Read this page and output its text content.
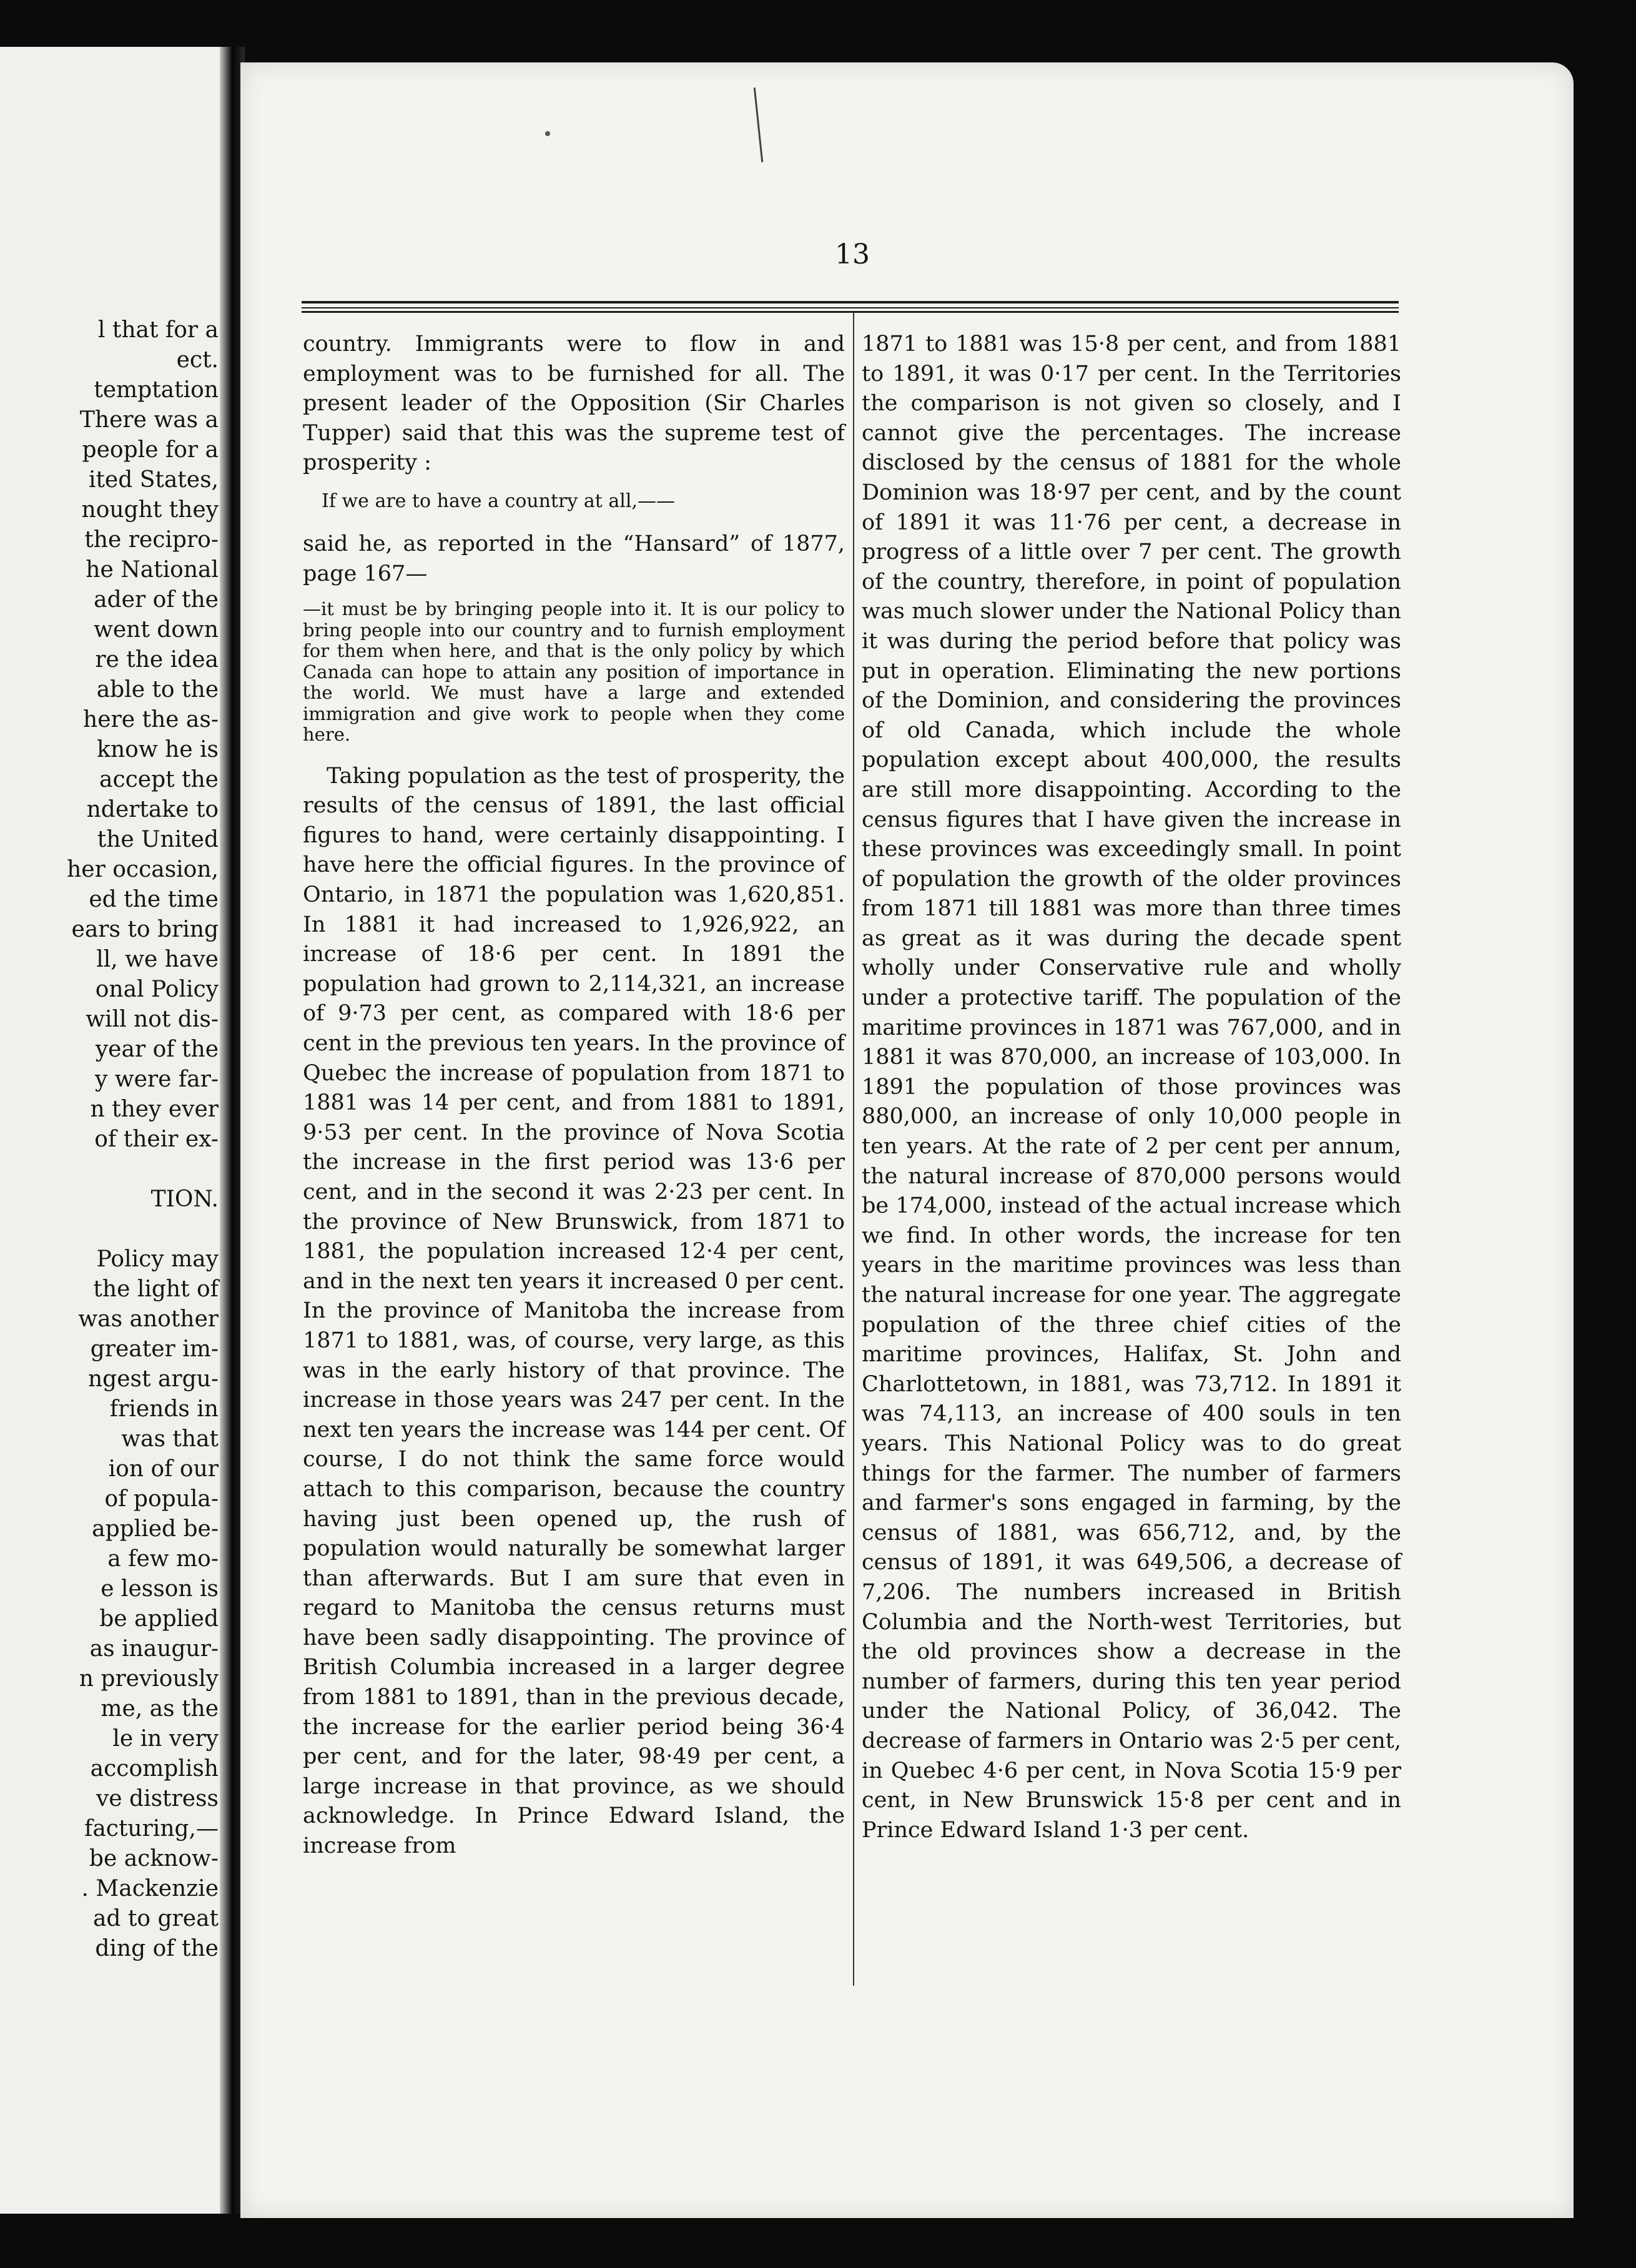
l that for a
ect.
temptation
There was a
people for a
ited States,
nought they
the recipro-
he National
ader of the
went down
re the idea
able to the
here the as-
know he is
accept the
ndertake to
the United
her occasion,
ed the time
ears to bring
ll, we have
onal Policy
will not dis-
year of the
y were far-
n they ever
of their ex-
TION.
Policy may
the light of
was another
greater im-
ngest argu-
friends in
was that
ion of our
of popula-
applied be-
a few mo-
e lesson is
be applied
as inaugur-
n previously
me, as the
le in very
accomplish
ve distress
facturing,—
be acknow-
. Mackenzie
ad to great
ding of the
13

country. Immigrants were to flow in and employment was to be furnished for all. The present leader of the Opposition (Sir Charles Tupper) said that this was the supreme test of prosperity :

If we are to have a country at all,——

said he, as reported in the “Hansard” of 1877, page 167—

—it must be by bringing people into it. It is our policy to bring people into our country and to furnish employment for them when here, and that is the only policy by which Canada can hope to attain any position of importance in the world. We must have a large and extended immigration and give work to people when they come here.

Taking population as the test of prosperity, the results of the census of 1891, the last official figures to hand, were certainly disappointing. I have here the official figures. In the province of Ontario, in 1871 the population was 1,620,851. In 1881 it had increased to 1,926,922, an increase of 18·6 per cent. In 1891 the population had grown to 2,114,321, an increase of 9·73 per cent, as compared with 18·6 per cent in the previous ten years. In the province of Quebec the increase of population from 1871 to 1881 was 14 per cent, and from 1881 to 1891, 9·53 per cent. In the province of Nova Scotia the increase in the first period was 13·6 per cent, and in the second it was 2·23 per cent. In the province of New Brunswick, from 1871 to 1881, the population increased 12·4 per cent, and in the next ten years it increased 0 per cent. In the province of Manitoba the increase from 1871 to 1881, was, of course, very large, as this was in the early history of that province. The increase in those years was 247 per cent. In the next ten years the increase was 144 per cent. Of course, I do not think the same force would attach to this comparison, because the country having just been opened up, the rush of population would naturally be somewhat larger than afterwards. But I am sure that even in regard to Manitoba the census returns must have been sadly disappointing. The province of British Columbia increased in a larger degree from 1881 to 1891, than in the previous decade, the increase for the earlier period being 36·4 per cent, and for the later, 98·49 per cent, a large increase in that province, as we should acknowledge. In Prince Edward Island, the increase from

1871 to 1881 was 15·8 per cent, and from 1881 to 1891, it was 0·17 per cent. In the Territories the comparison is not given so closely, and I cannot give the percentages. The increase disclosed by the census of 1881 for the whole Dominion was 18·97 per cent, and by the count of 1891 it was 11·76 per cent, a decrease in progress of a little over 7 per cent. The growth of the country, therefore, in point of population was much slower under the National Policy than it was during the period before that policy was put in operation. Eliminating the new portions of the Dominion, and considering the provinces of old Canada, which include the whole population except about 400,000, the results are still more disappointing. According to the census figures that I have given the increase in these provinces was exceedingly small. In point of population the growth of the older provinces from 1871 till 1881 was more than three times as great as it was during the decade spent wholly under Conservative rule and wholly under a protective tariff. The population of the maritime provinces in 1871 was 767,000, and in 1881 it was 870,000, an increase of 103,000. In 1891 the population of those provinces was 880,000, an increase of only 10,000 people in ten years. At the rate of 2 per cent per annum, the natural increase of 870,000 persons would be 174,000, instead of the actual increase which we find. In other words, the increase for ten years in the maritime provinces was less than the natural increase for one year. The aggregate population of the three chief cities of the maritime provinces, Halifax, St. John and Charlottetown, in 1881, was 73,712. In 1891 it was 74,113, an increase of 400 souls in ten years. This National Policy was to do great things for the farmer. The number of farmers and farmer's sons engaged in farming, by the census of 1881, was 656,712, and, by the census of 1891, it was 649,506, a decrease of 7,206. The numbers increased in British Columbia and the North-west Territories, but the old provinces show a decrease in the number of farmers, during this ten year period under the National Policy, of 36,042. The decrease of farmers in Ontario was 2·5 per cent, in Quebec 4·6 per cent, in Nova Scotia 15·9 per cent, in New Brunswick 15·8 per cent and in Prince Edward Island 1·3 per cent.
